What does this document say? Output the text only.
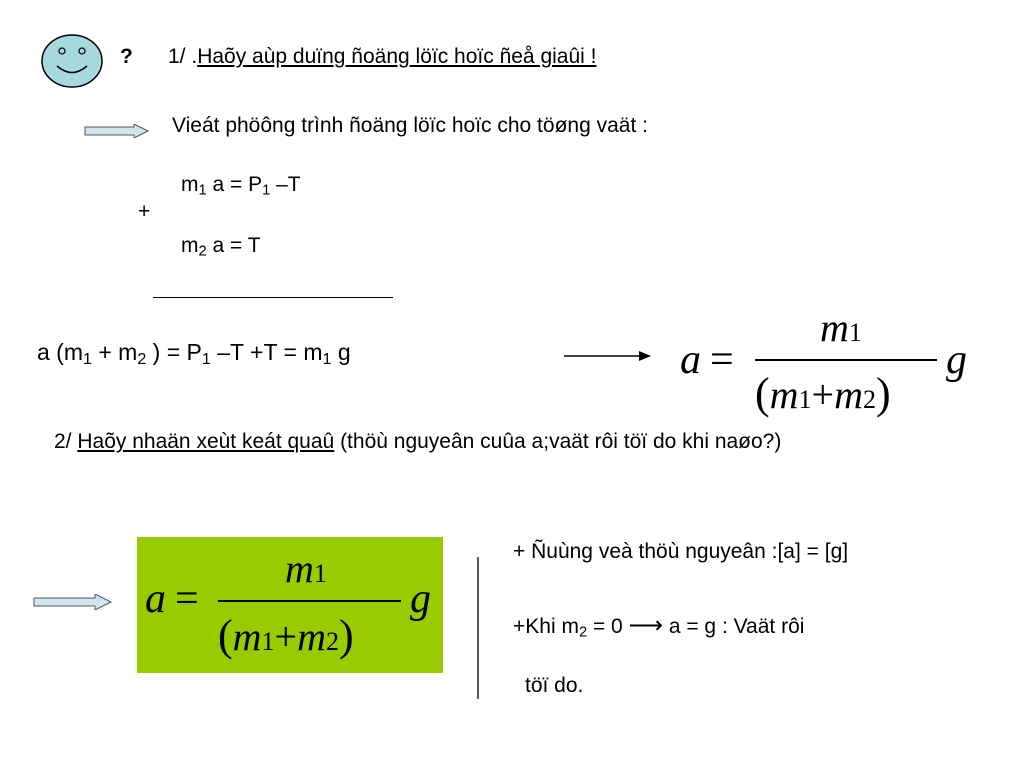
? 1/ .Haõy aùp duïng ñoäng löïc hoïc ñeå giaûi !
Vieát phöông trình ñoäng löïc hoïc cho töøng vaät :
$m_1$ $a = P_1$ –T
+
$m_2$ a = T
a ($m_1 + m_2$ ) = $P_1$ $-T +T = m_1$ g	a =
m1
(m1+m2)
g
2/ Haõy nhaän xeùt keát quaû (thöù nguyeân cuûa a;vaät rôi töï do khi naøo?)
a =
m1
(m1+m2)
g
+ Ñuùng veà thöù nguyeân :[a] = [g]
+Khi $m_2 = 0$ ⟶ a = g : Vaät rôi
töï do.
